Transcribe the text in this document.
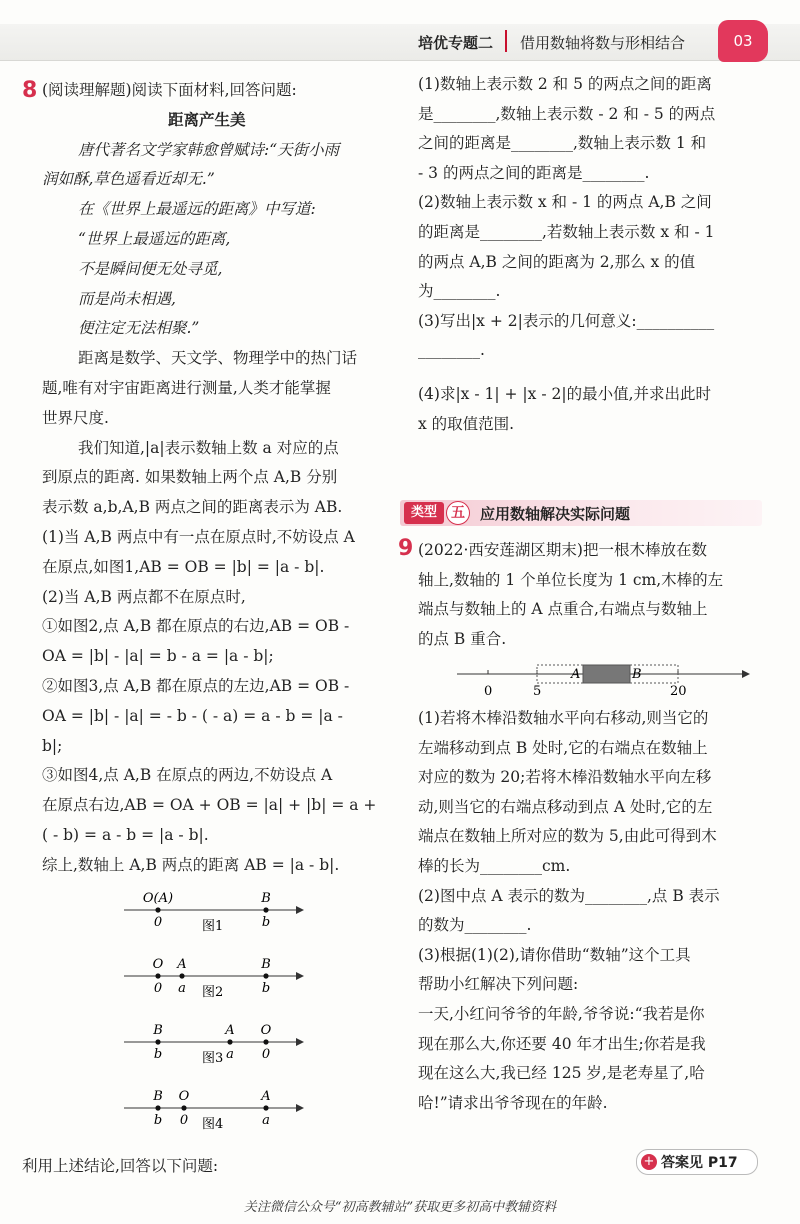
培优专题二 借用数轴将数与形相结合	03
8 (阅读理解题)阅读下面材料,回答问题:
距离产生美
唐代著名文学家韩愈曾赋诗:“天街小雨
润如酥,草色遥看近却无.”
在《世界上最遥远的距离》中写道:
“世界上最遥远的距离,
不是瞬间便无处寻觅,
而是尚未相遇,
便注定无法相聚.”
距离是数学、天文学、物理学中的热门话
题,唯有对宇宙距离进行测量,人类才能掌握
世界尺度.
我们知道,|a|表示数轴上数 a 对应的点
到原点的距离. 如果数轴上两个点 A,B 分别
表示数 a,b,A,B 两点之间的距离表示为 AB.
(1)当 A,B 两点中有一点在原点时,不妨设点 A
在原点,如图1,AB = OB = |b| = |a - b|.
(2)当 A,B 两点都不在原点时,
①如图2,点 A,B 都在原点的右边,AB = OB -
OA = |b| - |a| = b - a = |a - b|;
②如图3,点 A,B 都在原点的左边,AB = OB -
OA = |b| - |a| = - b - ( - a) = a - b = |a -
b|;
③如图4,点 A,B 在原点的两边,不妨设点 A
在原点右边,AB = OA + OB = |a| + |b| = a +
( - b) = a - b = |a - b|.
综上,数轴上 A,B 两点的距离 AB = |a - b|.
O(A)
0
B
b
图1
O
0
A
a
B
b
图2
B
b
A
a
O
0
图3
B
b
O
0
A
a
图4
利用上述结论,回答以下问题:
(1)数轴上表示数 2 和 5 的两点之间的距离
是________,数轴上表示数 - 2 和 - 5 的两点
之间的距离是________,数轴上表示数 1 和
- 3 的两点之间的距离是________.
(2)数轴上表示数 x 和 - 1 的两点 A,B 之间
的距离是________,若数轴上表示数 x 和 - 1
的两点 A,B 之间的距离为 2,那么 x 的值
为________.
(3)写出|x + 2|表示的几何意义:__________
________.
(4)求|x - 1| + |x - 2|的最小值,并求出此时
x 的取值范围.
类型	五	应用数轴解决实际问题
9 (2022·西安莲湖区期末)把一根木棒放在数
轴上,数轴的 1 个单位长度为 1 cm,木棒的左
端点与数轴上的 A 点重合,右端点与数轴上
的点 B 重合.
A	B
0	5	20
(1)若将木棒沿数轴水平向右移动,则当它的
左端移动到点 B 处时,它的右端点在数轴上
对应的数为 20;若将木棒沿数轴水平向左移
动,则当它的右端点移动到点 A 处时,它的左
端点在数轴上所对应的数为 5,由此可得到木
棒的长为________cm.
(2)图中点 A 表示的数为________,点 B 表示
的数为________.
(3)根据(1)(2),请你借助“数轴”这个工具
帮助小红解决下列问题:
一天,小红问爷爷的年龄,爷爷说:“我若是你
现在那么大,你还要 40 年才出生;你若是我
现在这么大,我已经 125 岁,是老寿星了,哈
哈!”请求出爷爷现在的年龄.
+ 答案见 P17
关注微信公众号“初高教辅站”获取更多初高中教辅资料
